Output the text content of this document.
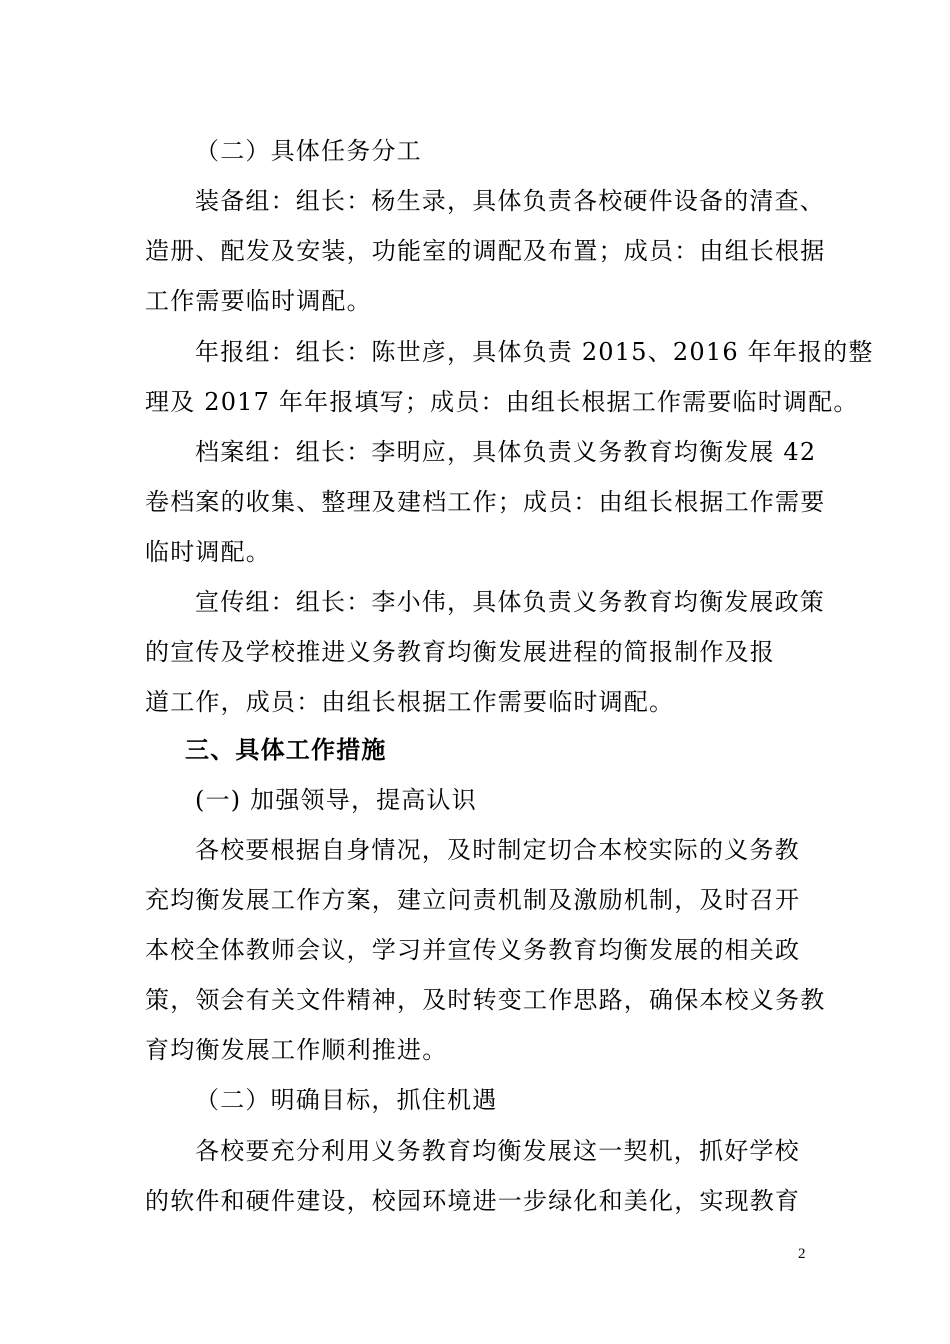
（二）具体任务分工
装备组：组长：杨生录，具体负责各校硬件设备的清查、
造册、配发及安装，功能室的调配及布置；成员：由组长根据
工作需要临时调配。
年报组：组长：陈世彦，具体负责 2015、2016 年年报的整
理及 2017 年年报填写；成员：由组长根据工作需要临时调配。
档案组：组长：李明应，具体负责义务教育均衡发展 42
卷档案的收集、整理及建档工作；成员：由组长根据工作需要
临时调配。
宣传组：组长：李小伟，具体负责义务教育均衡发展政策
的宣传及学校推进义务教育均衡发展进程的简报制作及报
道工作，成员：由组长根据工作需要临时调配。
三、具体工作措施
(一) 加强领导，提高认识
各校要根据自身情况，及时制定切合本校实际的义务教
充均衡发展工作方案，建立问责机制及激励机制，及时召开
本校全体教师会议，学习并宣传义务教育均衡发展的相关政
策，领会有关文件精神，及时转变工作思路，确保本校义务教
育均衡发展工作顺利推进。
（二）明确目标，抓住机遇
各校要充分利用义务教育均衡发展这一契机，抓好学校
的软件和硬件建设，校园环境进一步绿化和美化，实现教育
2
